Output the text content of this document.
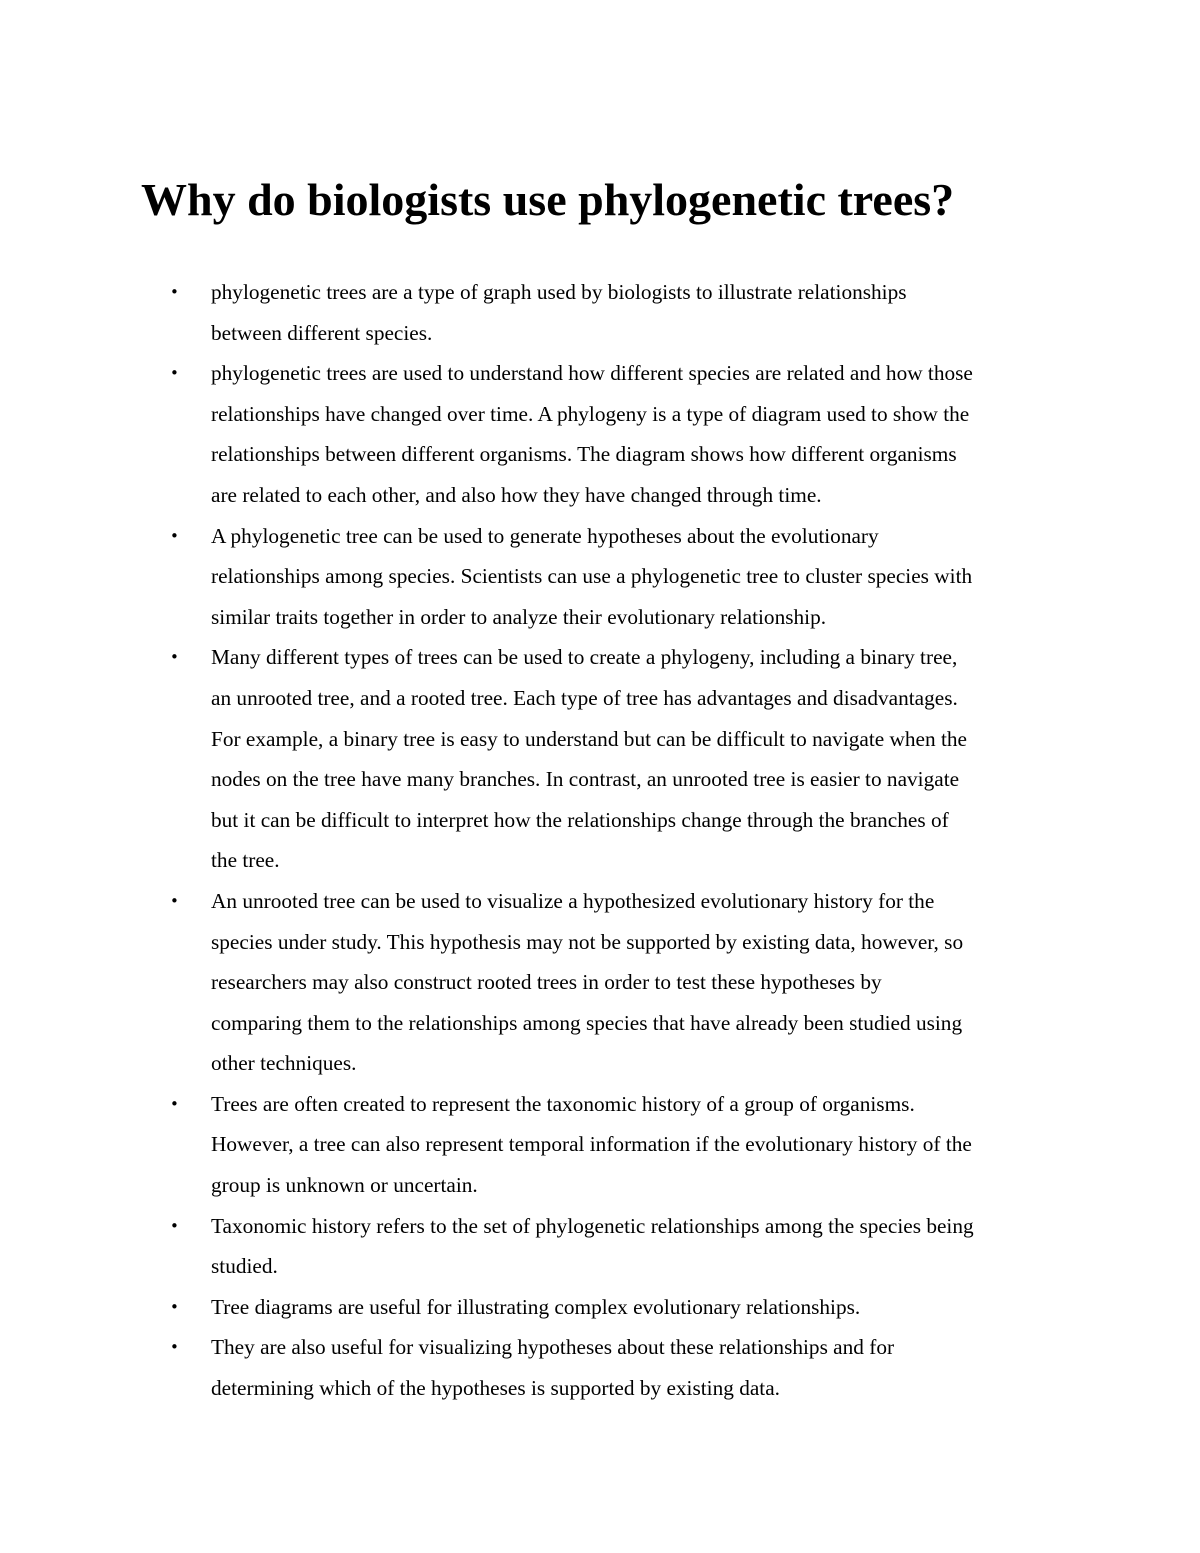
Why do biologists use phylogenetic trees?
• phylogenetic trees are a type of graph used by biologists to illustrate relationships
between different species.
• phylogenetic trees are used to understand how different species are related and how those
relationships have changed over time. A phylogeny is a type of diagram used to show the
relationships between different organisms. The diagram shows how different organisms
are related to each other, and also how they have changed through time.
• A phylogenetic tree can be used to generate hypotheses about the evolutionary
relationships among species. Scientists can use a phylogenetic tree to cluster species with
similar traits together in order to analyze their evolutionary relationship.
• Many different types of trees can be used to create a phylogeny, including a binary tree,
an unrooted tree, and a rooted tree. Each type of tree has advantages and disadvantages.
For example, a binary tree is easy to understand but can be difficult to navigate when the
nodes on the tree have many branches. In contrast, an unrooted tree is easier to navigate
but it can be difficult to interpret how the relationships change through the branches of
the tree.
• An unrooted tree can be used to visualize a hypothesized evolutionary history for the
species under study. This hypothesis may not be supported by existing data, however, so
researchers may also construct rooted trees in order to test these hypotheses by
comparing them to the relationships among species that have already been studied using
other techniques.
• Trees are often created to represent the taxonomic history of a group of organisms.
However, a tree can also represent temporal information if the evolutionary history of the
group is unknown or uncertain.
• Taxonomic history refers to the set of phylogenetic relationships among the species being
studied.
• Tree diagrams are useful for illustrating complex evolutionary relationships.
• They are also useful for visualizing hypotheses about these relationships and for
determining which of the hypotheses is supported by existing data.
